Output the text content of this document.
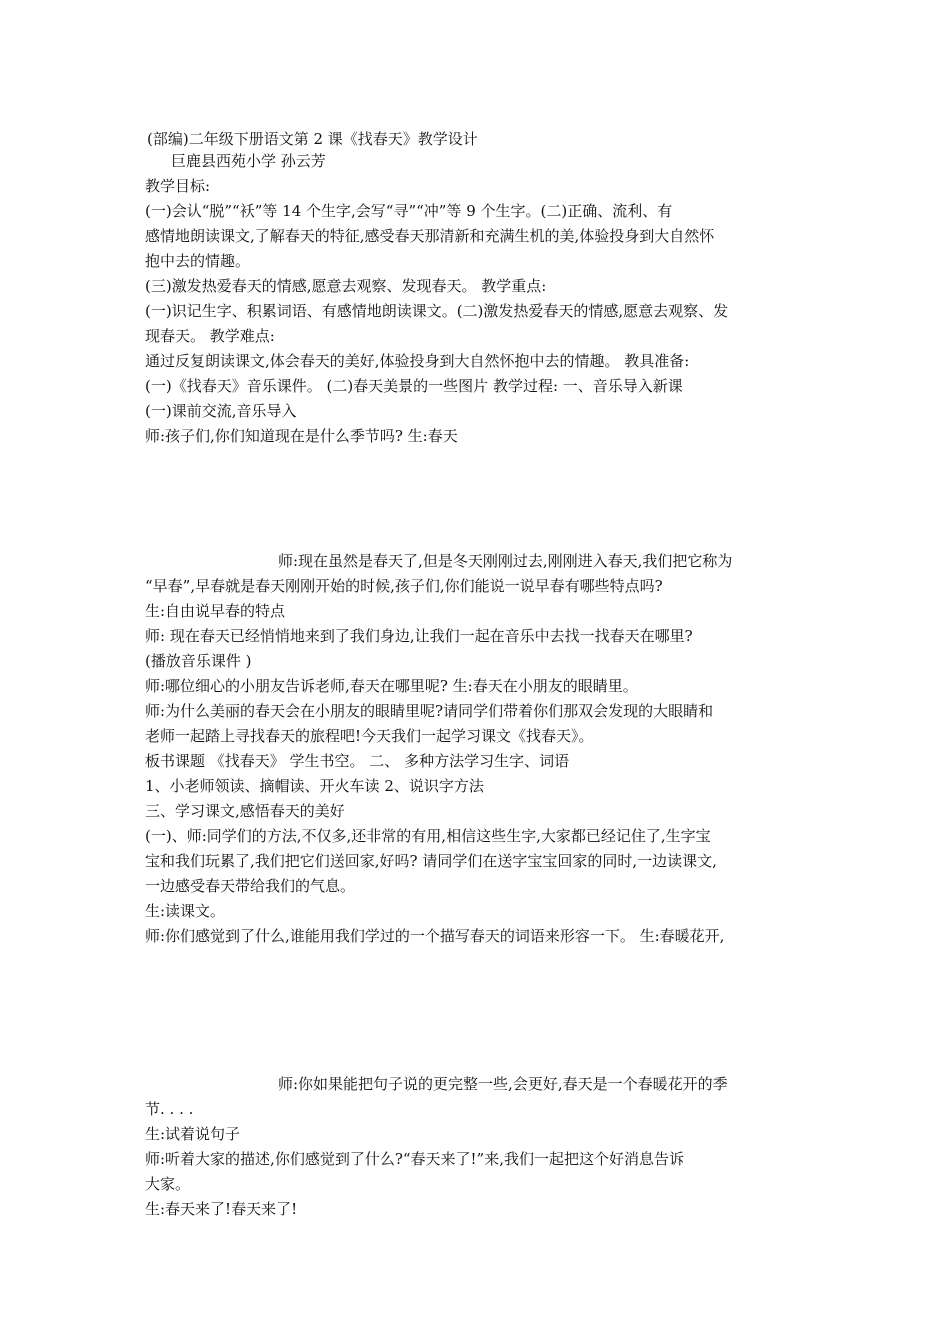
(部编)二年级下册语文第 2 课《找春天》教学设计
巨鹿县西苑小学 孙云芳
教学目标:
(一)会认“脱”“袄”等 14 个生字,会写“寻”“冲”等 9 个生字。(二)正确、流利、有
感情地朗读课文,了解春天的特征,感受春天那清新和充满生机的美,体验投身到大自然怀
抱中去的情趣。
(三)激发热爱春天的情感,愿意去观察、发现春天。 教学重点:
(一)识记生字、积累词语、有感情地朗读课文。(二)激发热爱春天的情感,愿意去观察、发
现春天。 教学难点:
通过反复朗读课文,体会春天的美好,体验投身到大自然怀抱中去的情趣。 教具准备:
(一)《找春天》音乐课件。 (二)春天美景的一些图片 教学过程: 一、音乐导入新课
(一)课前交流,音乐导入
师:孩子们,你们知道现在是什么季节吗? 生:春天
师:现在虽然是春天了,但是冬天刚刚过去,刚刚进入春天,我们把它称为
“早春”,早春就是春天刚刚开始的时候,孩子们,你们能说一说早春有哪些特点吗?
生:自由说早春的特点
师: 现在春天已经悄悄地来到了我们身边,让我们一起在音乐中去找一找春天在哪里?
(播放音乐课件 )
师:哪位细心的小朋友告诉老师,春天在哪里呢? 生:春天在小朋友的眼睛里。
师:为什么美丽的春天会在小朋友的眼睛里呢?请同学们带着你们那双会发现的大眼睛和
老师一起踏上寻找春天的旅程吧!今天我们一起学习课文《找春天》。
板书课题 《找春天》 学生书空。 二、 多种方法学习生字、词语
1、小老师领读、摘帽读、开火车读 2、说识字方法
三、学习课文,感悟春天的美好
(一)、师:同学们的方法,不仅多,还非常的有用,相信这些生字,大家都已经记住了,生字宝
宝和我们玩累了,我们把它们送回家,好吗? 请同学们在送字宝宝回家的同时,一边读课文,
一边感受春天带给我们的气息。
生:读课文。
师:你们感觉到了什么,谁能用我们学过的一个描写春天的词语来形容一下。 生:春暖花开,
师:你如果能把句子说的更完整一些,会更好,春天是一个春暖花开的季
节. . . .
生:试着说句子
师:听着大家的描述,你们感觉到了什么?“春天来了!”来,我们一起把这个好消息告诉
大家。
生:春天来了!春天来了!
